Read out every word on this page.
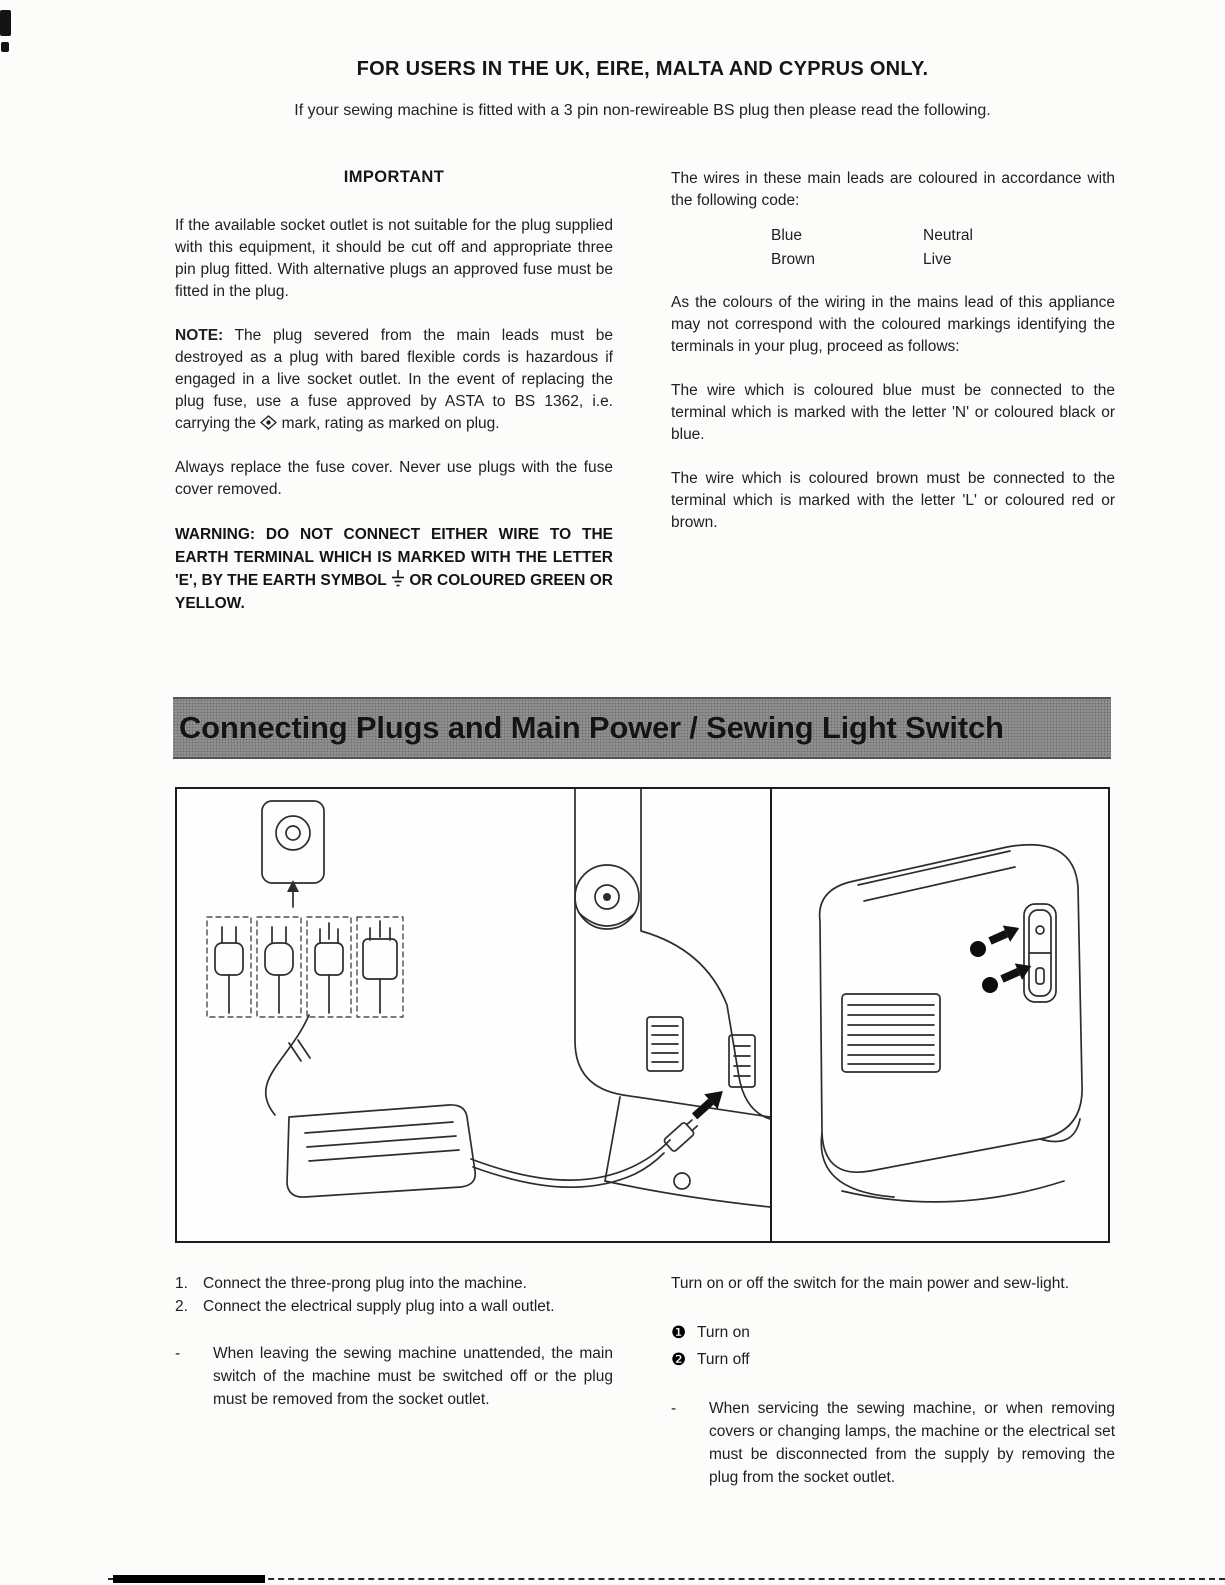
FOR USERS IN THE UK, EIRE, MALTA AND CYPRUS ONLY.
If your sewing machine is fitted with a 3 pin non-rewireable BS plug then please read the following.
IMPORTANT

If the available socket outlet is not suitable for the plug supplied with this equipment, it should be cut off and appropriate three pin plug fitted. With alternative plugs an approved fuse must be fitted in the plug.

NOTE: The plug severed from the main leads must be destroyed as a plug with bared flexible cords is hazardous if engaged in a live socket outlet. In the event of replacing the plug fuse, use a fuse approved by ASTA to BS 1362, i.e. carrying the mark, rating as marked on plug.

Always replace the fuse cover. Never use plugs with the fuse cover removed.

WARNING: DO NOT CONNECT EITHER WIRE TO THE EARTH TERMINAL WHICH IS MARKED WITH THE LETTER 'E', BY THE EARTH SYMBOL OR COLOURED GREEN OR YELLOW.

The wires in these main leads are coloured in accordance with the following code:

Blue	Neutral
Brown	Live

As the colours of the wiring in the mains lead of this appliance may not correspond with the coloured markings identifying the terminals in your plug, proceed as follows:

The wire which is coloured blue must be connected to the terminal which is marked with the letter 'N' or coloured black or blue.

The wire which is coloured brown must be connected to the terminal which is marked with the letter 'L' or coloured red or brown.

Connecting Plugs and Main Power / Sewing Light Switch
1. Connect the three-prong plug into the machine.
2. Connect the electrical supply plug into a wall outlet.
-	When leaving the sewing machine unattended, the main switch of the machine must be switched off or the plug must be removed from the socket outlet.

Turn on or off the switch for the main power and sew-light.

❶ Turn on
❷ Turn off
-	When servicing the sewing machine, or when removing covers or changing lamps, the machine or the electrical set must be disconnected from the supply by removing the plug from the socket outlet.
